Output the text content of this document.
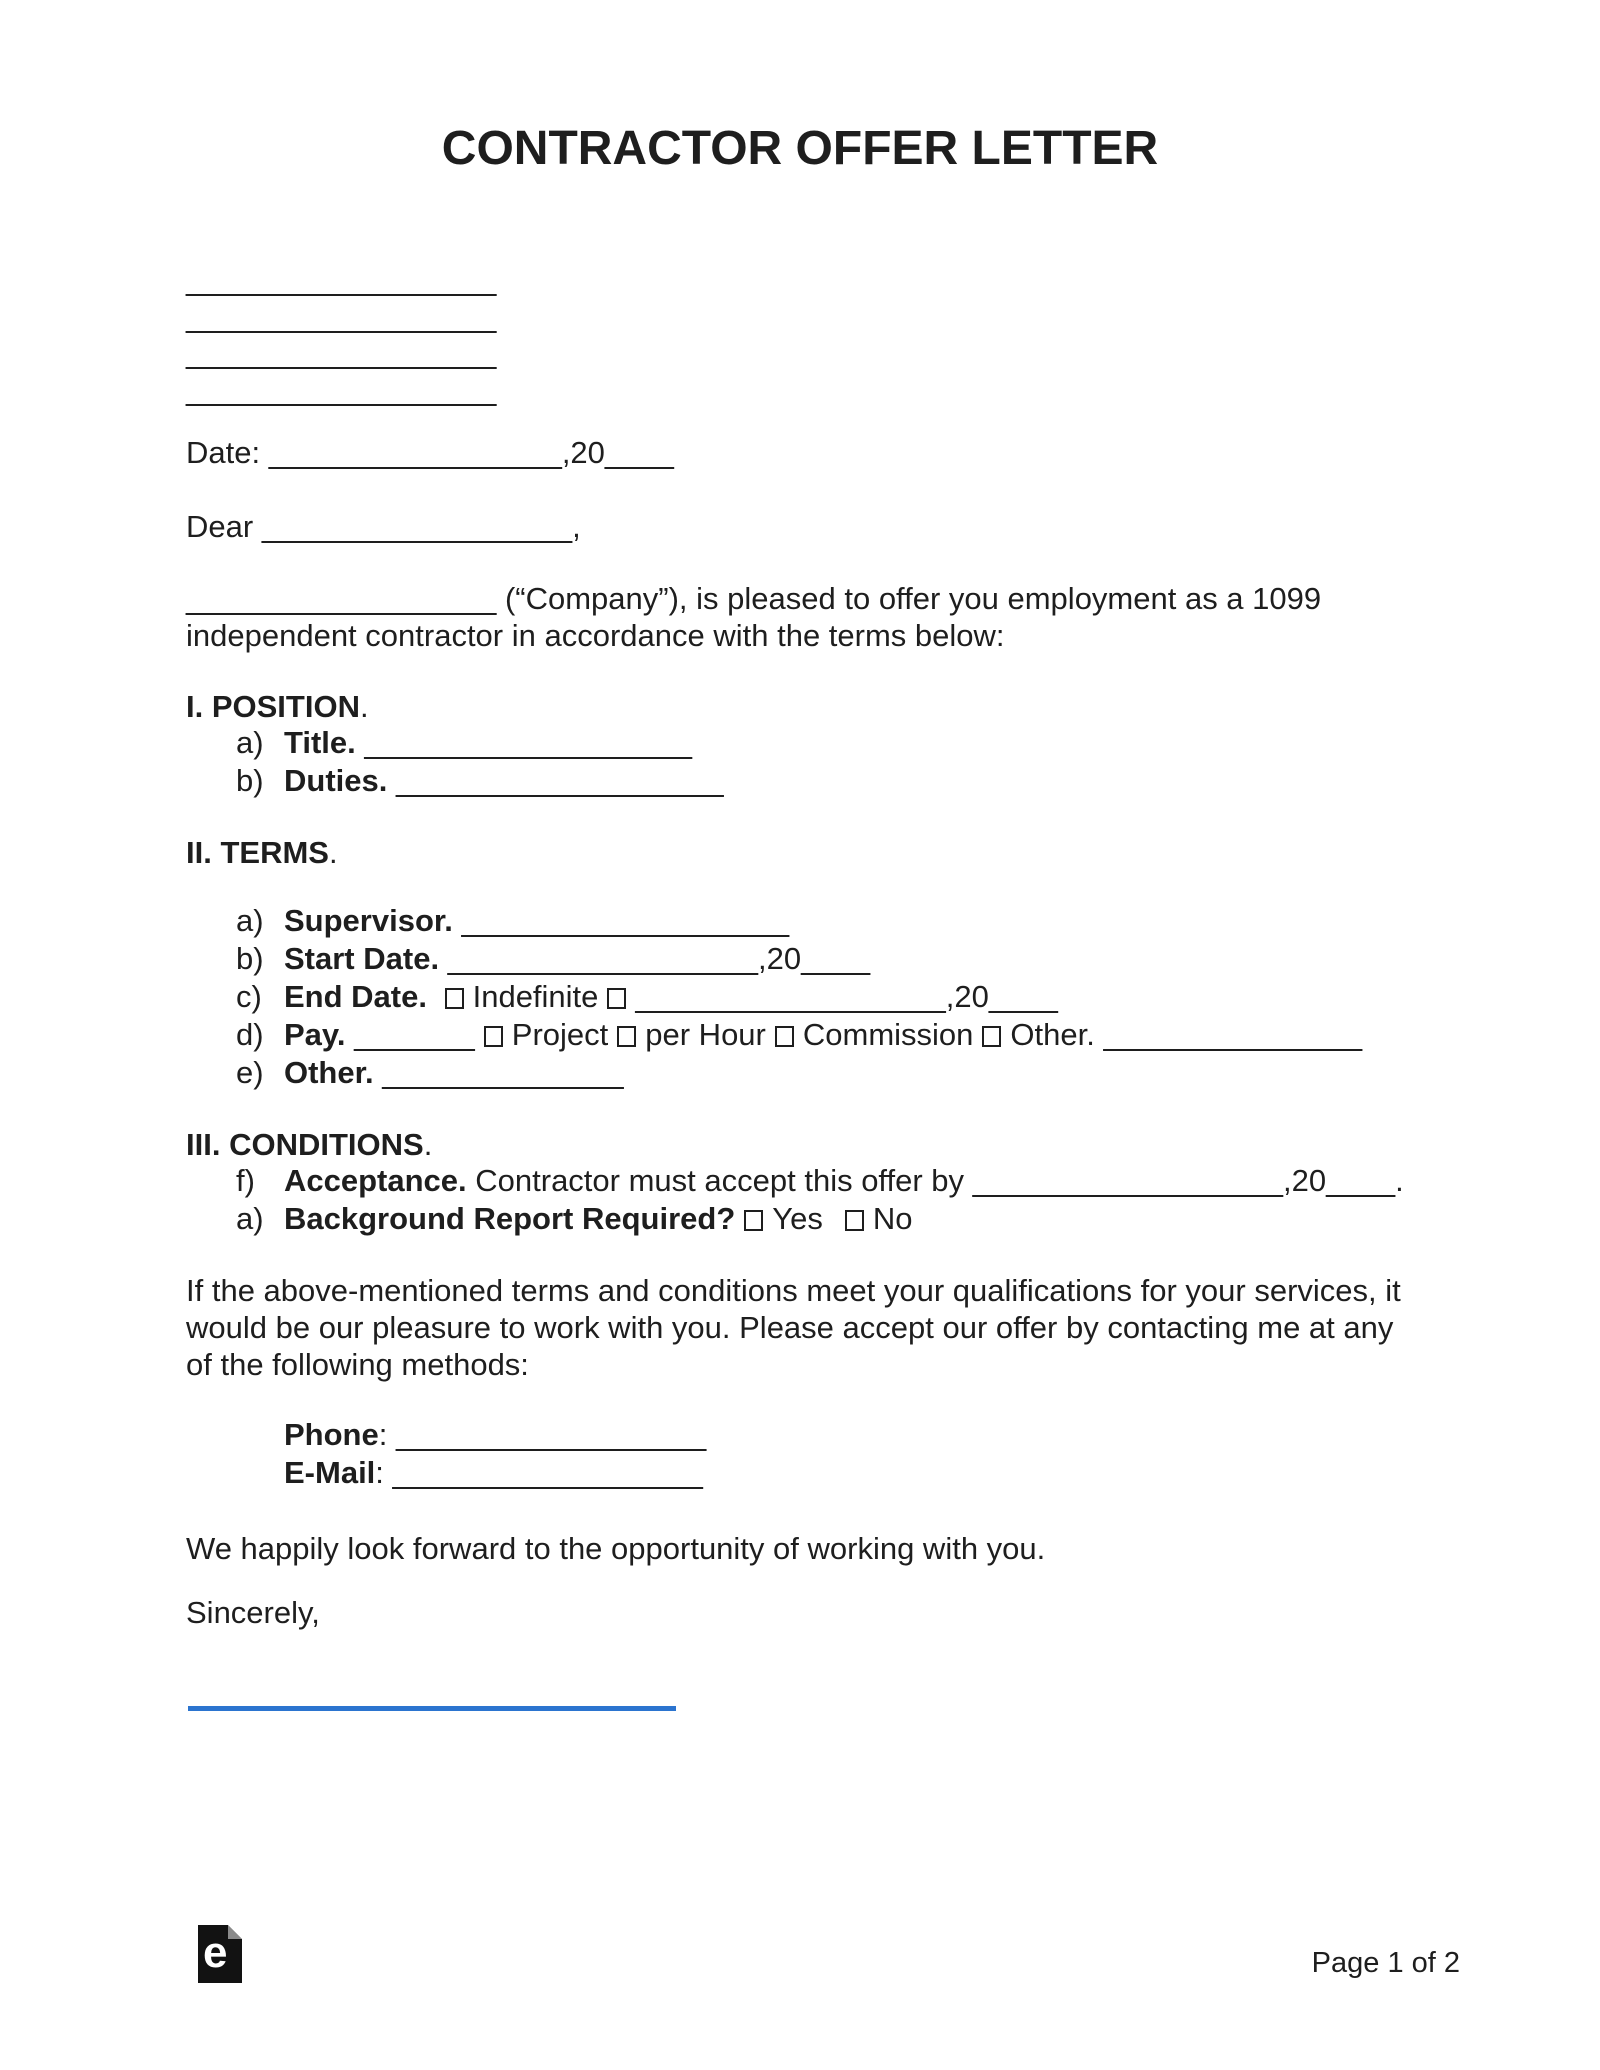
CONTRACTOR OFFER LETTER
__________________
__________________
__________________
__________________
Date: _________________,20____
Dear __________________,
__________________ (“Company”), is pleased to offer you employment as a 1099 independent contractor in accordance with the terms below:
I. POSITION.
a) Title. ___________________
b) Duties. ___________________
II. TERMS.
a) Supervisor. ___________________
b) Start Date. __________________,20____
c) End Date. Indefinite __________________,20____
d) Pay. _______ Project per Hour Commission Other. _______________
e) Other. ______________
III. CONDITIONS.
f) Acceptance. Contractor must accept this offer by __________________,20____.
a) Background Report Required? Yes No
If the above-mentioned terms and conditions meet your qualifications for your services, it would be our pleasure to work with you. Please accept our offer by contacting me at any of the following methods:
Phone: __________________
E-Mail: __________________
We happily look forward to the opportunity of working with you.
Sincerely,
e	Page 1 of 2
